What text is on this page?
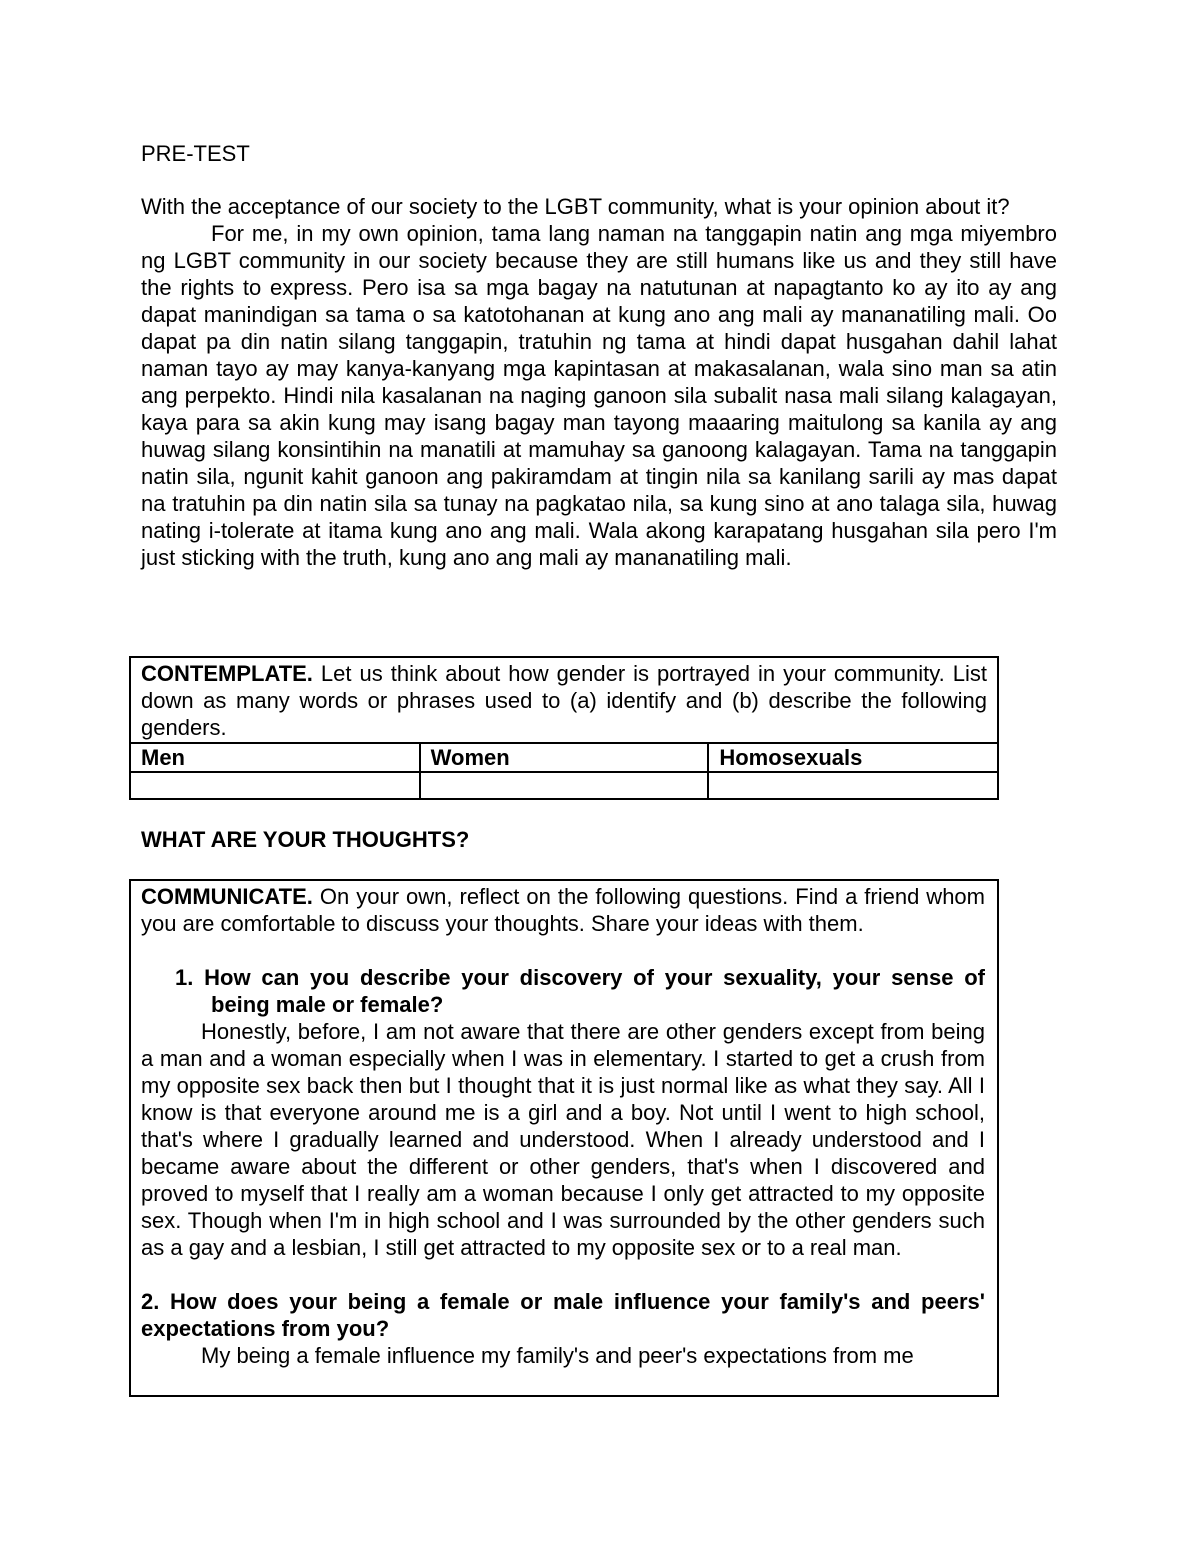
PRE-TEST

With the acceptance of our society to the LGBT community, what is your opinion about it?

For me, in my own opinion, tama lang naman na tanggapin natin ang mga miyembro ng LGBT community in our society because they are still humans like us and they still have the rights to express. Pero isa sa mga bagay na natutunan at napagtanto ko ay ito ay ang dapat manindigan sa tama o sa katotohanan at kung ano ang mali ay mananatiling mali. Oo dapat pa din natin silang tanggapin, tratuhin ng tama at hindi dapat husgahan dahil lahat naman tayo ay may kanya-kanyang mga kapintasan at makasalanan, wala sino man sa atin ang perpekto. Hindi nila kasalanan na naging ganoon sila subalit nasa mali silang kalagayan, kaya para sa akin kung may isang bagay man tayong maaaring maitulong sa kanila ay ang huwag silang konsintihin na manatili at mamuhay sa ganoong kalagayan. Tama na tanggapin natin sila, ngunit kahit ganoon ang pakiramdam at tingin nila sa kanilang sarili ay mas dapat na tratuhin pa din natin sila sa tunay na pagkatao nila, sa kung sino at ano talaga sila, huwag nating i-tolerate at itama kung ano ang mali. Wala akong karapatang husgahan sila pero I'm just sticking with the truth, kung ano ang mali ay mananatiling mali.

CONTEMPLATE. Let us think about how gender is portrayed in your community. List down as many words or phrases used to (a) identify and (b) describe the following genders.
Men	Women	Homosexuals

WHAT ARE YOUR THOUGHTS?

COMMUNICATE. On your own, reflect on the following questions. Find a friend whom you are comfortable to discuss your thoughts. Share your ideas with them.

1. How can you describe your discovery of your sexuality, your sense of being male or female?

Honestly, before, I am not aware that there are other genders except from being a man and a woman especially when I was in elementary. I started to get a crush from my opposite sex back then but I thought that it is just normal like as what they say. All I know is that everyone around me is a girl and a boy. Not until I went to high school, that's where I gradually learned and understood. When I already understood and I became aware about the different or other genders, that's when I discovered and proved to myself that I really am a woman because I only get attracted to my opposite sex. Though when I'm in high school and I was surrounded by the other genders such as a gay and a lesbian, I still get attracted to my opposite sex or to a real man.

2. How does your being a female or male influence your family's and peers' expectations from you?

My being a female influence my family's and peer's expectations from me
